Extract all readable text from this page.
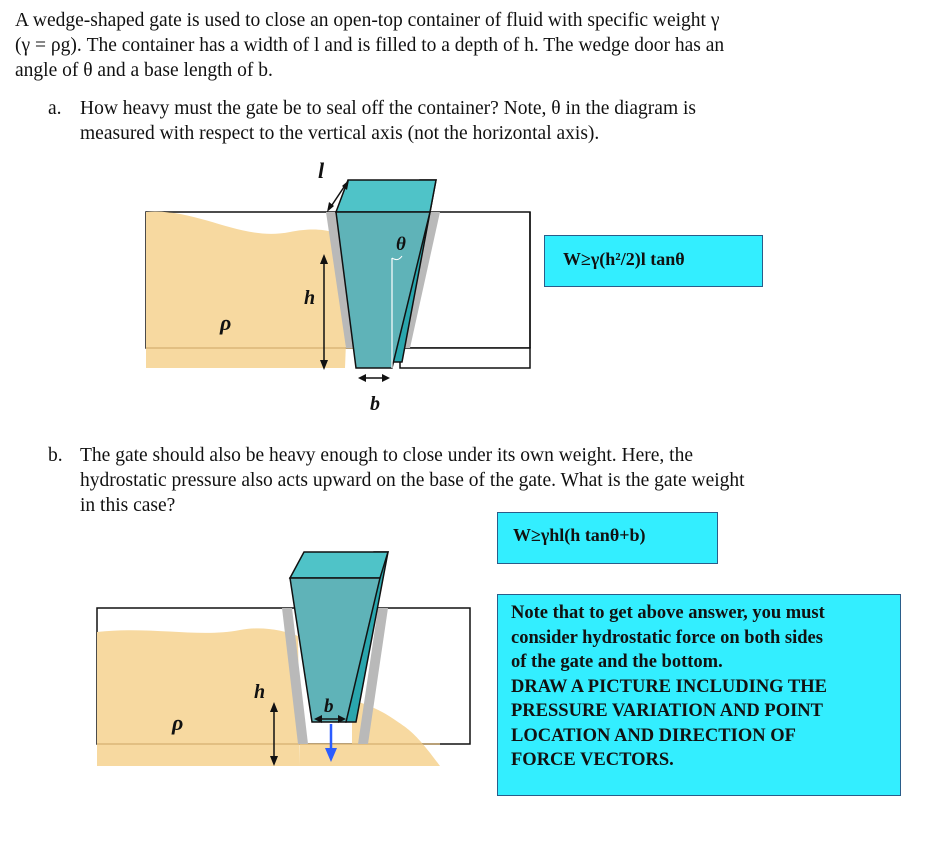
A wedge-shaped gate is used to close an open-top container of fluid with specific weight γ
(γ = ρg). The container has a width of l and is filled to a depth of h. The wedge door has an
angle of θ and a base length of b.
a. How heavy must the gate be to seal off the container? Note, θ in the diagram is
measured with respect to the vertical axis (not the horizontal axis).
l
θ
h
ρ
b
W≥γ(h²/2)l tanθ
b. The gate should also be heavy enough to close under its own weight. Here, the
hydrostatic pressure also acts upward on the base of the gate. What is the gate weight
in this case?
W≥γhl(h tanθ+b)
h
b
ρ
Note that to get above answer, you must
consider hydrostatic force on both sides
of the gate and the bottom.
DRAW A PICTURE INCLUDING THE
PRESSURE VARIATION AND POINT
LOCATION AND DIRECTION OF
FORCE VECTORS.
